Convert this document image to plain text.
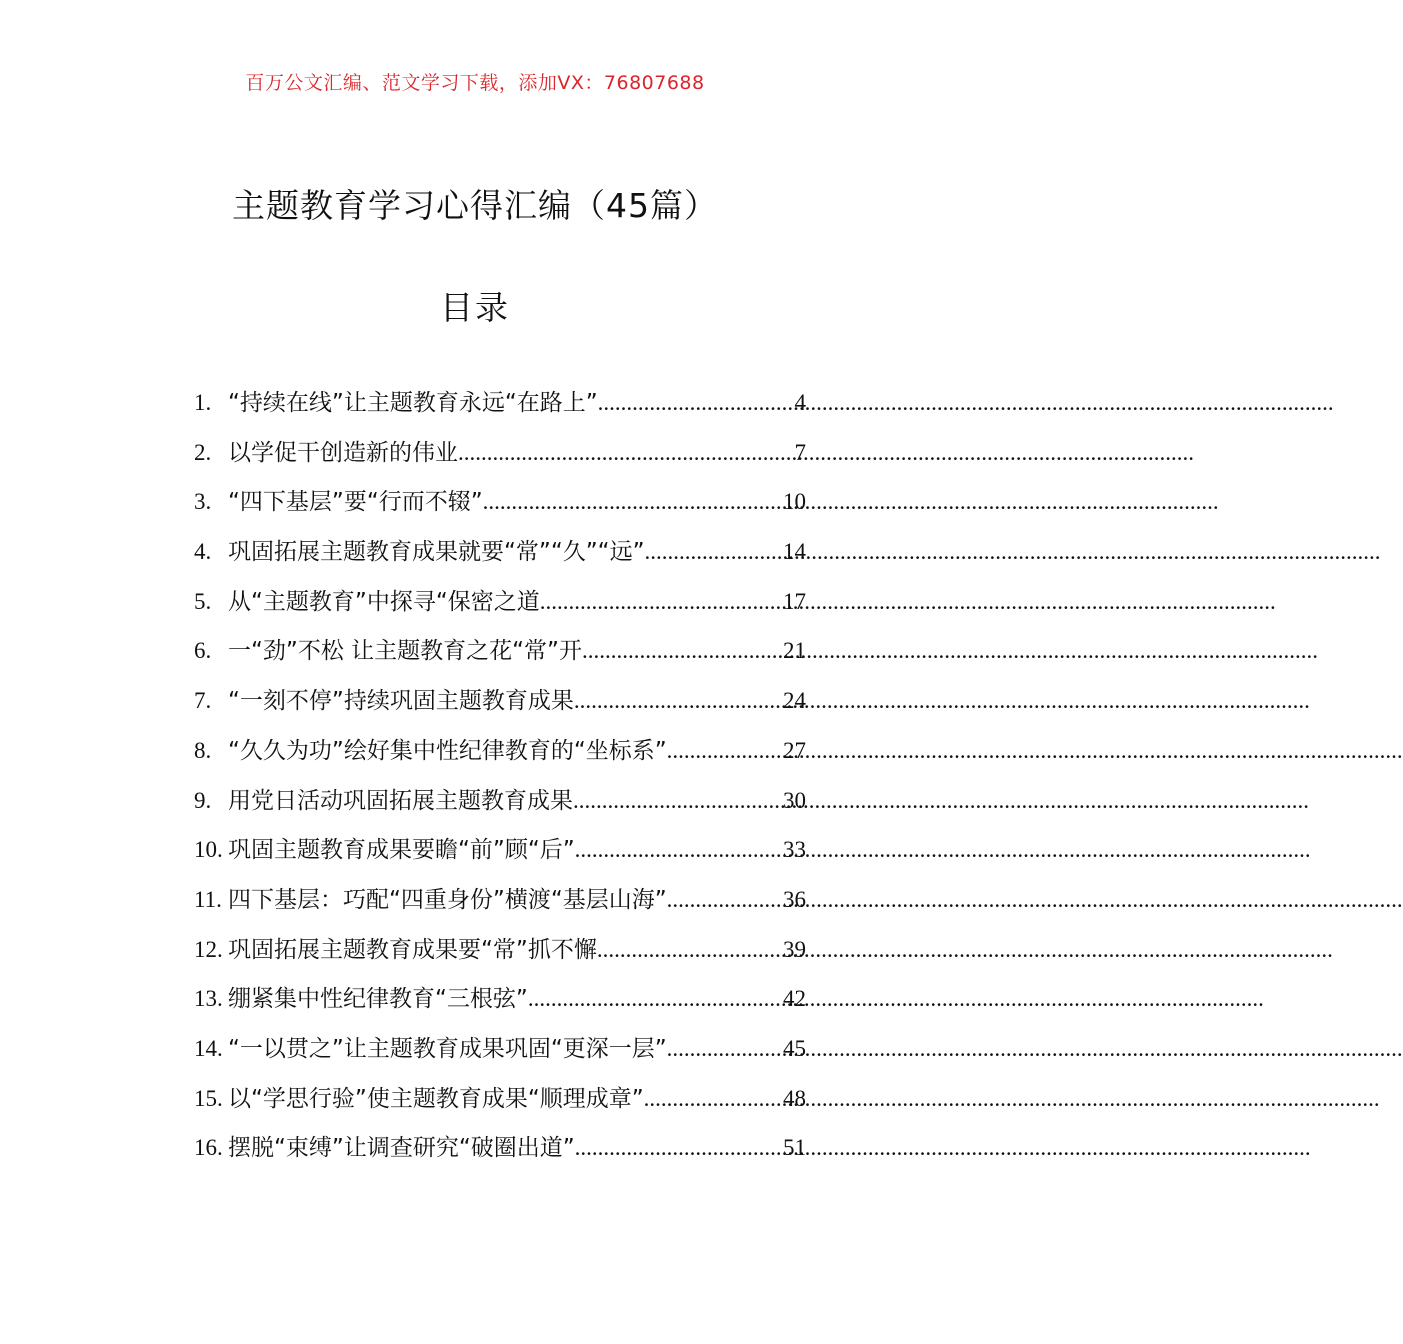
百万公文汇编、范文学习下载，添加VX：76807688
主题教育学习心得汇编（45篇）
目录
1. “持续在线”让主题教育永远“在路上” .....	4
2. 以学促干创造新的伟业 .....	7
3. “四下基层”要“行而不辍” .....	10
4. 巩固拓展主题教育成果就要“常”“久”“远” .....	14
5. 从“主题教育”中探寻“保密之道 .....	17
6. 一“劲”不松 让主题教育之花“常”开 .....	21
7. “一刻不停”持续巩固主题教育成果 .....	24
8. “久久为功”绘好集中性纪律教育的“坐标系” .....	27
9. 用党日活动巩固拓展主题教育成果 .....	30
10. 巩固主题教育成果要瞻“前”顾“后” .....	33
11. 四下基层：巧配“四重身份”横渡“基层山海” .....	36
12. 巩固拓展主题教育成果要“常”抓不懈 .....	39
13. 绷紧集中性纪律教育“三根弦” .....	42
14. “一以贯之”让主题教育成果巩固“更深一层” .....	45
15. 以“学思行验”使主题教育成果“顺理成章” .....	48
16. 摆脱“束缚”让调查研究“破圈出道” .....	51
